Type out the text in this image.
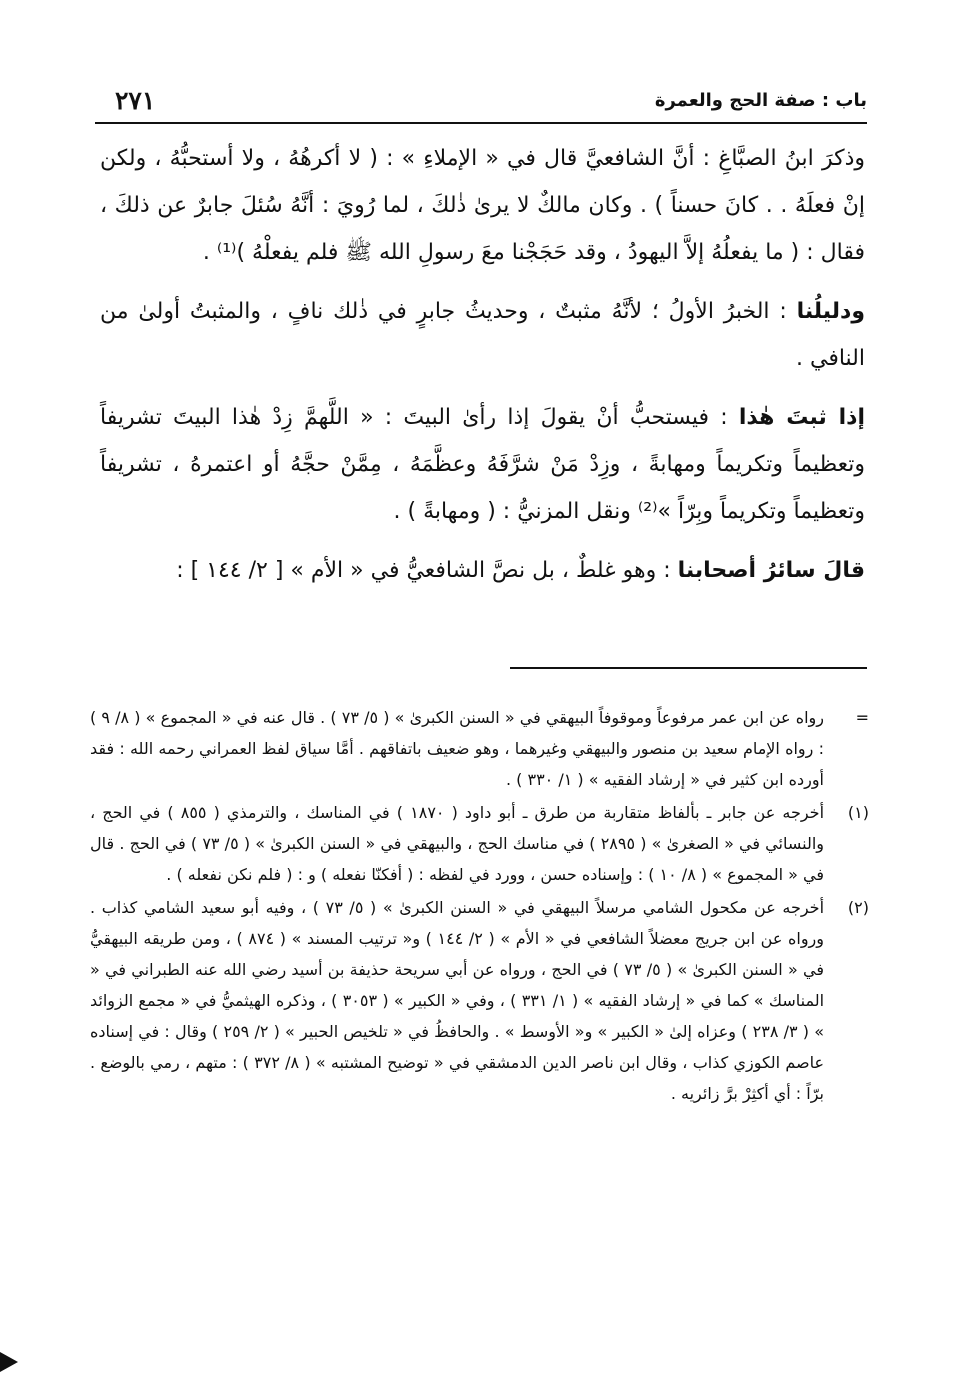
٢٧١	باب : صفة الحج والعمرة

وذكرَ ابنُ الصبَّاغِ : أنَّ الشافعيَّ قال في « الإملاءِ » : ( لا أكرهُهُ ، ولا أستحبُّهُ ، ولكن إنْ فعلَهُ . . كانَ حسناً ) . وكان مالكٌ لا يرىٰ ذٰلكَ ، لما رُويَ : أنَّهُ سُئلَ جابرٌ عن ذلكَ ، فقال : ( ما يفعلُهُ إلاَّ اليهودُ ، وقد حَجَجْنا معَ رسولِ الله ﷺ فلم يفعلْهُ )⁽¹⁾ .

ودليلُنا : الخبرُ الأولُ ؛ لأنَّهُ مثبتٌ ، وحديثُ جابرٍ في ذٰلك نافٍ ، والمثبتُ أولىٰ من النافي .

إذا ثبتَ هٰذا : فيستحبُّ أنْ يقولَ إذا رأىٰ البيتَ : « اللَّهمَّ زِدْ هٰذا البيتَ تشريفاً وتعظيماً وتكريماً ومهابةً ، وزِدْ مَنْ شرَّفَهُ وعظَّمَهُ ، مِمَّنْ حجَّهُ أو اعتمرهُ ، تشريفاً وتعظيماً وتكريماً وبِرّاً »⁽²⁾ ونقل المزنيُّ : ( ومهابةً ) .

قالَ سائرُ أصحابنا : وهو غلطٌ ، بل نصَّ الشافعيُّ في « الأم » [ ٢/ ١٤٤ ] :

=
رواه عن ابن عمر مرفوعاً وموقوفاً البيهقي في « السنن الكبرىٰ » ( ٥/ ٧٣ ) . قال عنه في « المجموع » ( ٨/ ٩ ) : رواه الإمام سعيد بن منصور والبيهقي وغيرهما ، وهو ضعيف باتفاقهم . أمَّا سياق لفظ العمراني رحمه الله : فقد أورده ابن كثير في « إرشاد الفقيه » ( ١/ ٣٣٠ ) .
(١)
أخرجه عن جابر ـ بألفاظ متقاربة من طرق ـ أبو داود ( ١٨٧٠ ) في المناسك ، والترمذي ( ٨٥٥ ) في الحج ، والنسائي في « الصغرىٰ » ( ٢٨٩٥ ) في مناسك الحج ، والبيهقي في « السنن الكبرىٰ » ( ٥/ ٧٣ ) في الحج . قال في « المجموع » ( ٨/ ١٠ ) : وإسناده حسن ، وورد في لفظه : ( أفكنّا نفعله ) و : ( فلم نكن نفعله ) .
(٢)
أخرجه عن مكحول الشامي مرسلاً البيهقي في « السنن الكبرىٰ » ( ٥/ ٧٣ ) ، وفيه أبو سعيد الشامي كذاب . ورواه عن ابن جريج معضلاً الشافعي في « الأم » ( ٢/ ١٤٤ ) و« ترتيب المسند » ( ٨٧٤ ) ، ومن طريقه البيهقيُّ في « السنن الكبرىٰ » ( ٥/ ٧٣ ) في الحج ، ورواه عن أبي سريحة حذيفة بن أسيد رضي الله عنه الطبراني في « المناسك » كما في « إرشاد الفقيه » ( ١/ ٣٣١ ) ، وفي « الكبير » ( ٣٠٥٣ ) ، وذكره الهيثميُّ في « مجمع الزوائد » ( ٣/ ٢٣٨ ) وعزاه إلىٰ « الكبير » و« الأوسط » . والحافظُ في « تلخيص الحبير » ( ٢/ ٢٥٩ ) وقال : في إسناده عاصم الكوزي كذاب ، وقال ابن ناصر الدين الدمشقي في « توضيح المشتبه » ( ٨/ ٣٧٢ ) : متهم ، رمي بالوضع . برّاً : أي أكثِرْ برَّ زائريه .
